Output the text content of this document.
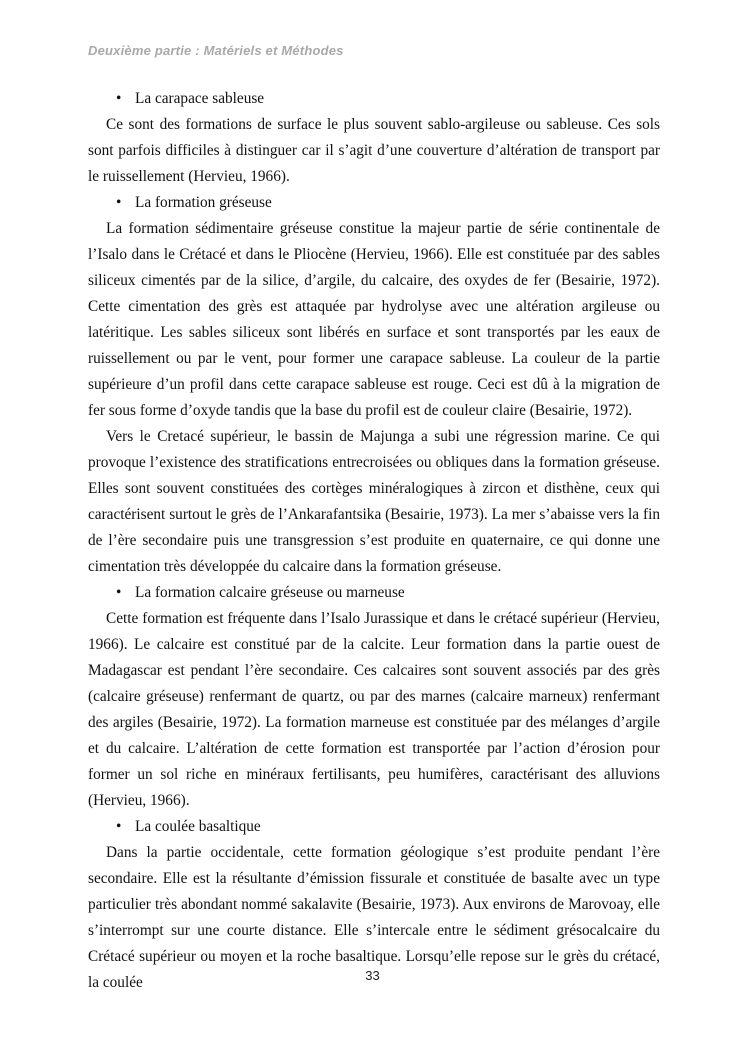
Deuxième partie : Matériels et Méthodes
• La carapace sableuse

Ce sont des formations de surface le plus souvent sablo-argileuse ou sableuse. Ces sols sont parfois difficiles à distinguer car il s’agit d’une couverture d’altération de transport par le ruissellement (Hervieu, 1966).

• La formation gréseuse

La formation sédimentaire gréseuse constitue la majeur partie de série continentale de l’Isalo dans le Crétacé et dans le Pliocène (Hervieu, 1966). Elle est constituée par des sables siliceux cimentés par de la silice, d’argile, du calcaire, des oxydes de fer (Besairie, 1972). Cette cimentation des grès est attaquée par hydrolyse avec une altération argileuse ou latéritique. Les sables siliceux sont libérés en surface et sont transportés par les eaux de ruissellement ou par le vent, pour former une carapace sableuse. La couleur de la partie supérieure d’un profil dans cette carapace sableuse est rouge. Ceci est dû à la migration de fer sous forme d’oxyde tandis que la base du profil est de couleur claire (Besairie, 1972).

Vers le Cretacé supérieur, le bassin de Majunga a subi une régression marine. Ce qui provoque l’existence des stratifications entrecroisées ou obliques dans la formation gréseuse. Elles sont souvent constituées des cortèges minéralogiques à zircon et disthène, ceux qui caractérisent surtout le grès de l’Ankarafantsika (Besairie, 1973). La mer s’abaisse vers la fin de l’ère secondaire puis une transgression s’est produite en quaternaire, ce qui donne une cimentation très développée du calcaire dans la formation gréseuse.

• La formation calcaire gréseuse ou marneuse

Cette formation est fréquente dans l’Isalo Jurassique et dans le crétacé supérieur (Hervieu, 1966). Le calcaire est constitué par de la calcite. Leur formation dans la partie ouest de Madagascar est pendant l’ère secondaire. Ces calcaires sont souvent associés par des grès (calcaire gréseuse) renfermant de quartz, ou par des marnes (calcaire marneux) renfermant des argiles (Besairie, 1972). La formation marneuse est constituée par des mélanges d’argile et du calcaire. L’altération de cette formation est transportée par l’action d’érosion pour former un sol riche en minéraux fertilisants, peu humifères, caractérisant des alluvions (Hervieu, 1966).

• La coulée basaltique

Dans la partie occidentale, cette formation géologique s’est produite pendant l’ère secondaire. Elle est la résultante d’émission fissurale et constituée de basalte avec un type particulier très abondant nommé sakalavite (Besairie, 1973). Aux environs de Marovoay, elle s’interrompt sur une courte distance. Elle s’intercale entre le sédiment grésocalcaire du Crétacé supérieur ou moyen et la roche basaltique. Lorsqu’elle repose sur le grès du crétacé, la coulée	33
